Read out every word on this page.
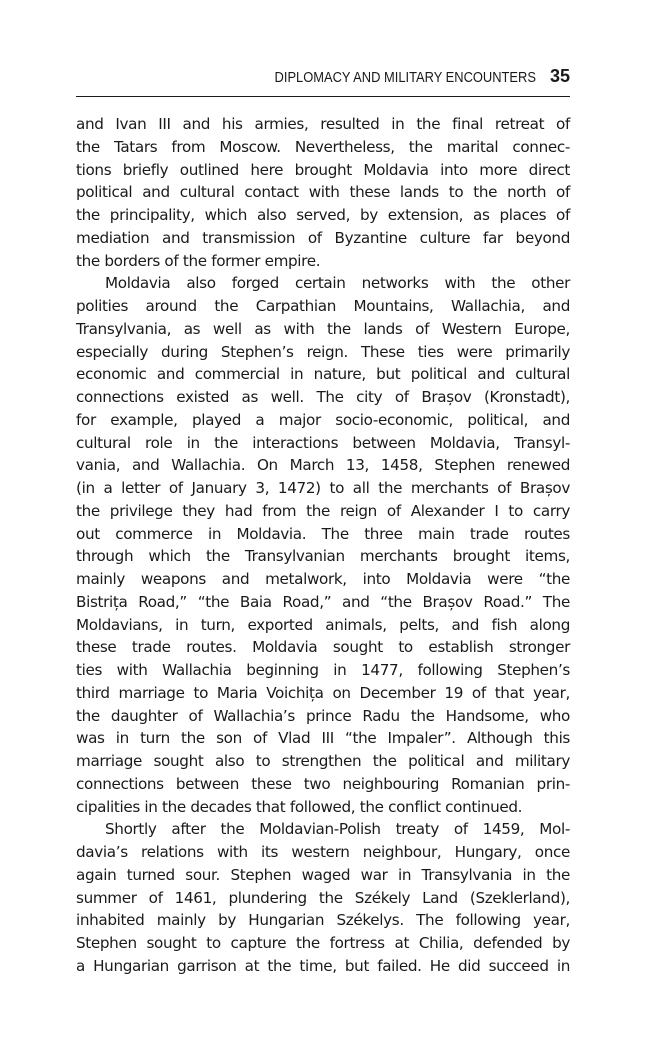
DIPLOMACY AND MILITARY ENCOUNTERS 35
and Ivan III and his armies, resulted in the final retreat of
the Tatars from Moscow. Nevertheless, the marital connec-
tions briefly outlined here brought Moldavia into more direct
political and cultural contact with these lands to the north of
the principality, which also served, by extension, as places of
mediation and transmission of Byzantine culture far beyond
the borders of the former empire.
Moldavia also forged certain networks with the other
polities around the Carpathian Mountains, Wallachia, and
Transylvania, as well as with the lands of Western Europe,
especially during Stephen’s reign. These ties were primarily
economic and commercial in nature, but political and cultural
connections existed as well. The city of Brașov (Kronstadt),
for example, played a major socio-economic, political, and
cultural role in the interactions between Moldavia, Transyl-
vania, and Wallachia. On March 13, 1458, Stephen renewed
(in a letter of January 3, 1472) to all the merchants of Brașov
the privilege they had from the reign of Alexander I to carry
out commerce in Moldavia. The three main trade routes
through which the Transylvanian merchants brought items,
mainly weapons and metalwork, into Moldavia were “the
Bistrița Road,” “the Baia Road,” and “the Brașov Road.” The
Moldavians, in turn, exported animals, pelts, and fish along
these trade routes. Moldavia sought to establish stronger
ties with Wallachia beginning in 1477, following Stephen’s
third marriage to Maria Voichița on December 19 of that year,
the daughter of Wallachia’s prince Radu the Handsome, who
was in turn the son of Vlad III “the Impaler”. Although this
marriage sought also to strengthen the political and military
connections between these two neighbouring Romanian prin-
cipalities in the decades that followed, the conflict continued.
Shortly after the Moldavian-Polish treaty of 1459, Mol-
davia’s relations with its western neighbour, Hungary, once
again turned sour. Stephen waged war in Transylvania in the
summer of 1461, plundering the Székely Land (Szeklerland),
inhabited mainly by Hungarian Székelys. The following year,
Stephen sought to capture the fortress at Chilia, defended by
a Hungarian garrison at the time, but failed. He did succeed in
